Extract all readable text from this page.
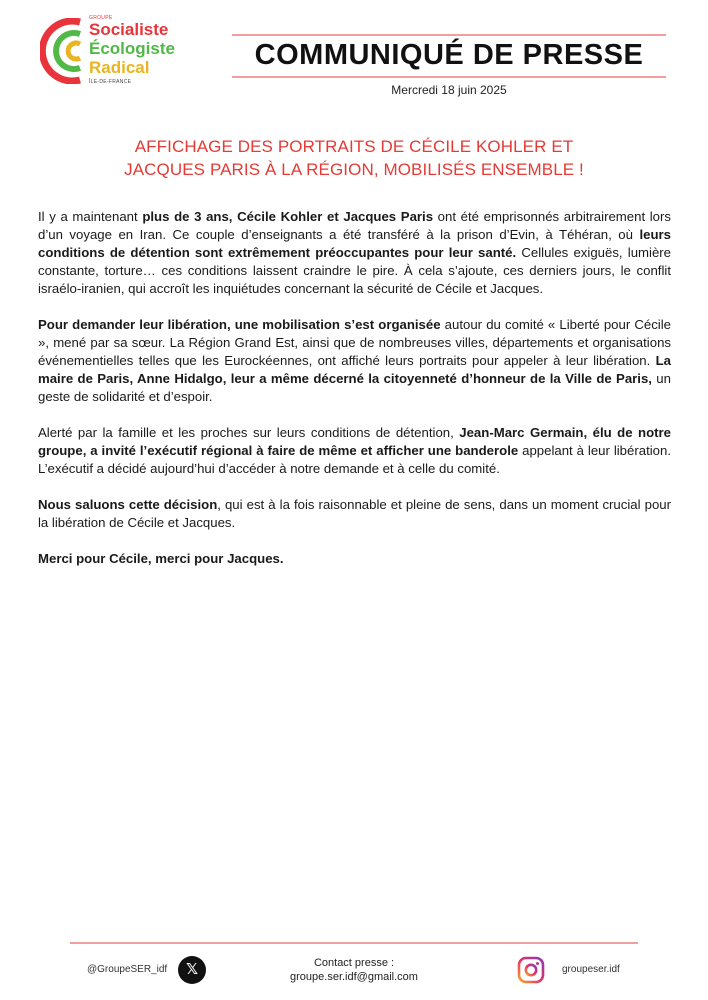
GROUPE
Socialiste
Écologiste
Radical
ÎLE-DE-FRANCE
COMMUNIQUÉ DE PRESSE
Mercredi 18 juin 2025
AFFICHAGE DES PORTRAITS DE CÉCILE KOHLER ET
JACQUES PARIS À LA RÉGION, MOBILISÉS ENSEMBLE !

Il y a maintenant plus de 3 ans, Cécile Kohler et Jacques Paris ont été emprisonnés arbitrairement lors d’un voyage en Iran. Ce couple d’enseignants a été transféré à la prison d’Evin, à Téhéran, où leurs conditions de détention sont extrêmement préoccupantes pour leur santé. Cellules exiguës, lumière constante, torture… ces conditions laissent craindre le pire. À cela s’ajoute, ces derniers jours, le conflit israélo-iranien, qui accroît les inquiétudes concernant la sécurité de Cécile et Jacques.

Pour demander leur libération, une mobilisation s’est organisée autour du comité « Liberté pour Cécile », mené par sa sœur. La Région Grand Est, ainsi que de nombreuses villes, départements et organisations événementielles telles que les Eurockéennes, ont affiché leurs portraits pour appeler à leur libération. La maire de Paris, Anne Hidalgo, leur a même décerné la citoyenneté d’honneur de la Ville de Paris, un geste de solidarité et d’espoir.

Alerté par la famille et les proches sur leurs conditions de détention, Jean-Marc Germain, élu de notre groupe, a invité l’exécutif régional à faire de même et afficher une banderole appelant à leur libération. L’exécutif a décidé aujourd’hui d’accéder à notre demande et à celle du comité.

Nous saluons cette décision, qui est à la fois raisonnable et pleine de sens, dans un moment crucial pour la libération de Cécile et Jacques.

Merci pour Cécile, merci pour Jacques.

@GroupeSER_idf	𝕏	Contact presse :
groupe.ser.idf@gmail.com
groupeser.idf
